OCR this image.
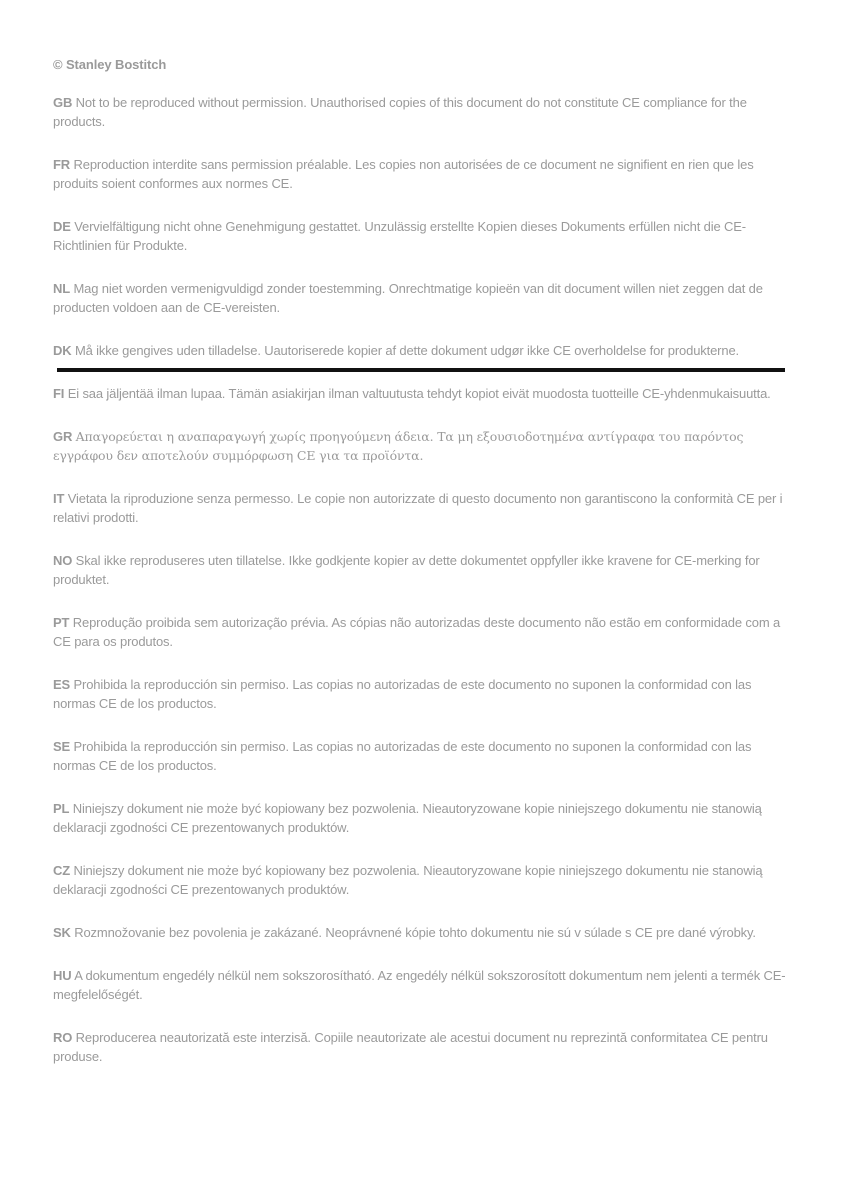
© Stanley Bostitch

GB Not to be reproduced without permission. Unauthorised copies of this document do not constitute CE compliance for the products.

FR Reproduction interdite sans permission préalable. Les copies non autorisées de ce document ne signifient en rien que les produits soient conformes aux normes CE.

DE Vervielfältigung nicht ohne Genehmigung gestattet. Unzulässig erstellte Kopien dieses Dokuments erfüllen nicht die CE-Richtlinien für Produkte.

NL Mag niet worden vermenigvuldigd zonder toestemming. Onrechtmatige kopieën van dit document willen niet zeggen dat de producten voldoen aan de CE-vereisten.

DK Må ikke gengives uden tilladelse. Uautoriserede kopier af dette dokument udgør ikke CE overholdelse for produkterne.

FI Ei saa jäljentää ilman lupaa. Tämän asiakirjan ilman valtuutusta tehdyt kopiot eivät muodosta tuotteille CE-yhdenmukaisuutta.

GR Απαγορεύεται η αναπαραγωγή χωρίς προηγούμενη άδεια. Τα μη εξουσιοδοτημένα αντίγραφα του παρόντος εγγράφου δεν αποτελούν συμμόρφωση CE για τα προϊόντα.

IT Vietata la riproduzione senza permesso. Le copie non autorizzate di questo documento non garantiscono la conformità CE per i relativi prodotti.

NO Skal ikke reproduseres uten tillatelse. Ikke godkjente kopier av dette dokumentet oppfyller ikke kravene for CE-merking for produktet.

PT Reprodução proibida sem autorização prévia. As cópias não autorizadas deste documento não estão em conformidade com a CE para os produtos.

ES Prohibida la reproducción sin permiso. Las copias no autorizadas de este documento no suponen la conformidad con las normas CE de los productos.

SE Prohibida la reproducción sin permiso. Las copias no autorizadas de este documento no suponen la conformidad con las normas CE de los productos.

PL Niniejszy dokument nie może być kopiowany bez pozwolenia. Nieautoryzowane kopie niniejszego dokumentu nie stanowią deklaracji zgodności CE prezentowanych produktów.

CZ Niniejszy dokument nie może być kopiowany bez pozwolenia. Nieautoryzowane kopie niniejszego dokumentu nie stanowią deklaracji zgodności CE prezentowanych produktów.

SK Rozmnožovanie bez povolenia je zakázané. Neoprávnené kópie tohto dokumentu nie sú v súlade s CE pre dané výrobky.

HU A dokumentum engedély nélkül nem sokszorosítható. Az engedély nélkül sokszorosított dokumentum nem jelenti a termék CE-megfelelőségét.

RO Reproducerea neautorizată este interzisă. Copiile neautorizate ale acestui document nu reprezintă conformitatea CE pentru produse.
